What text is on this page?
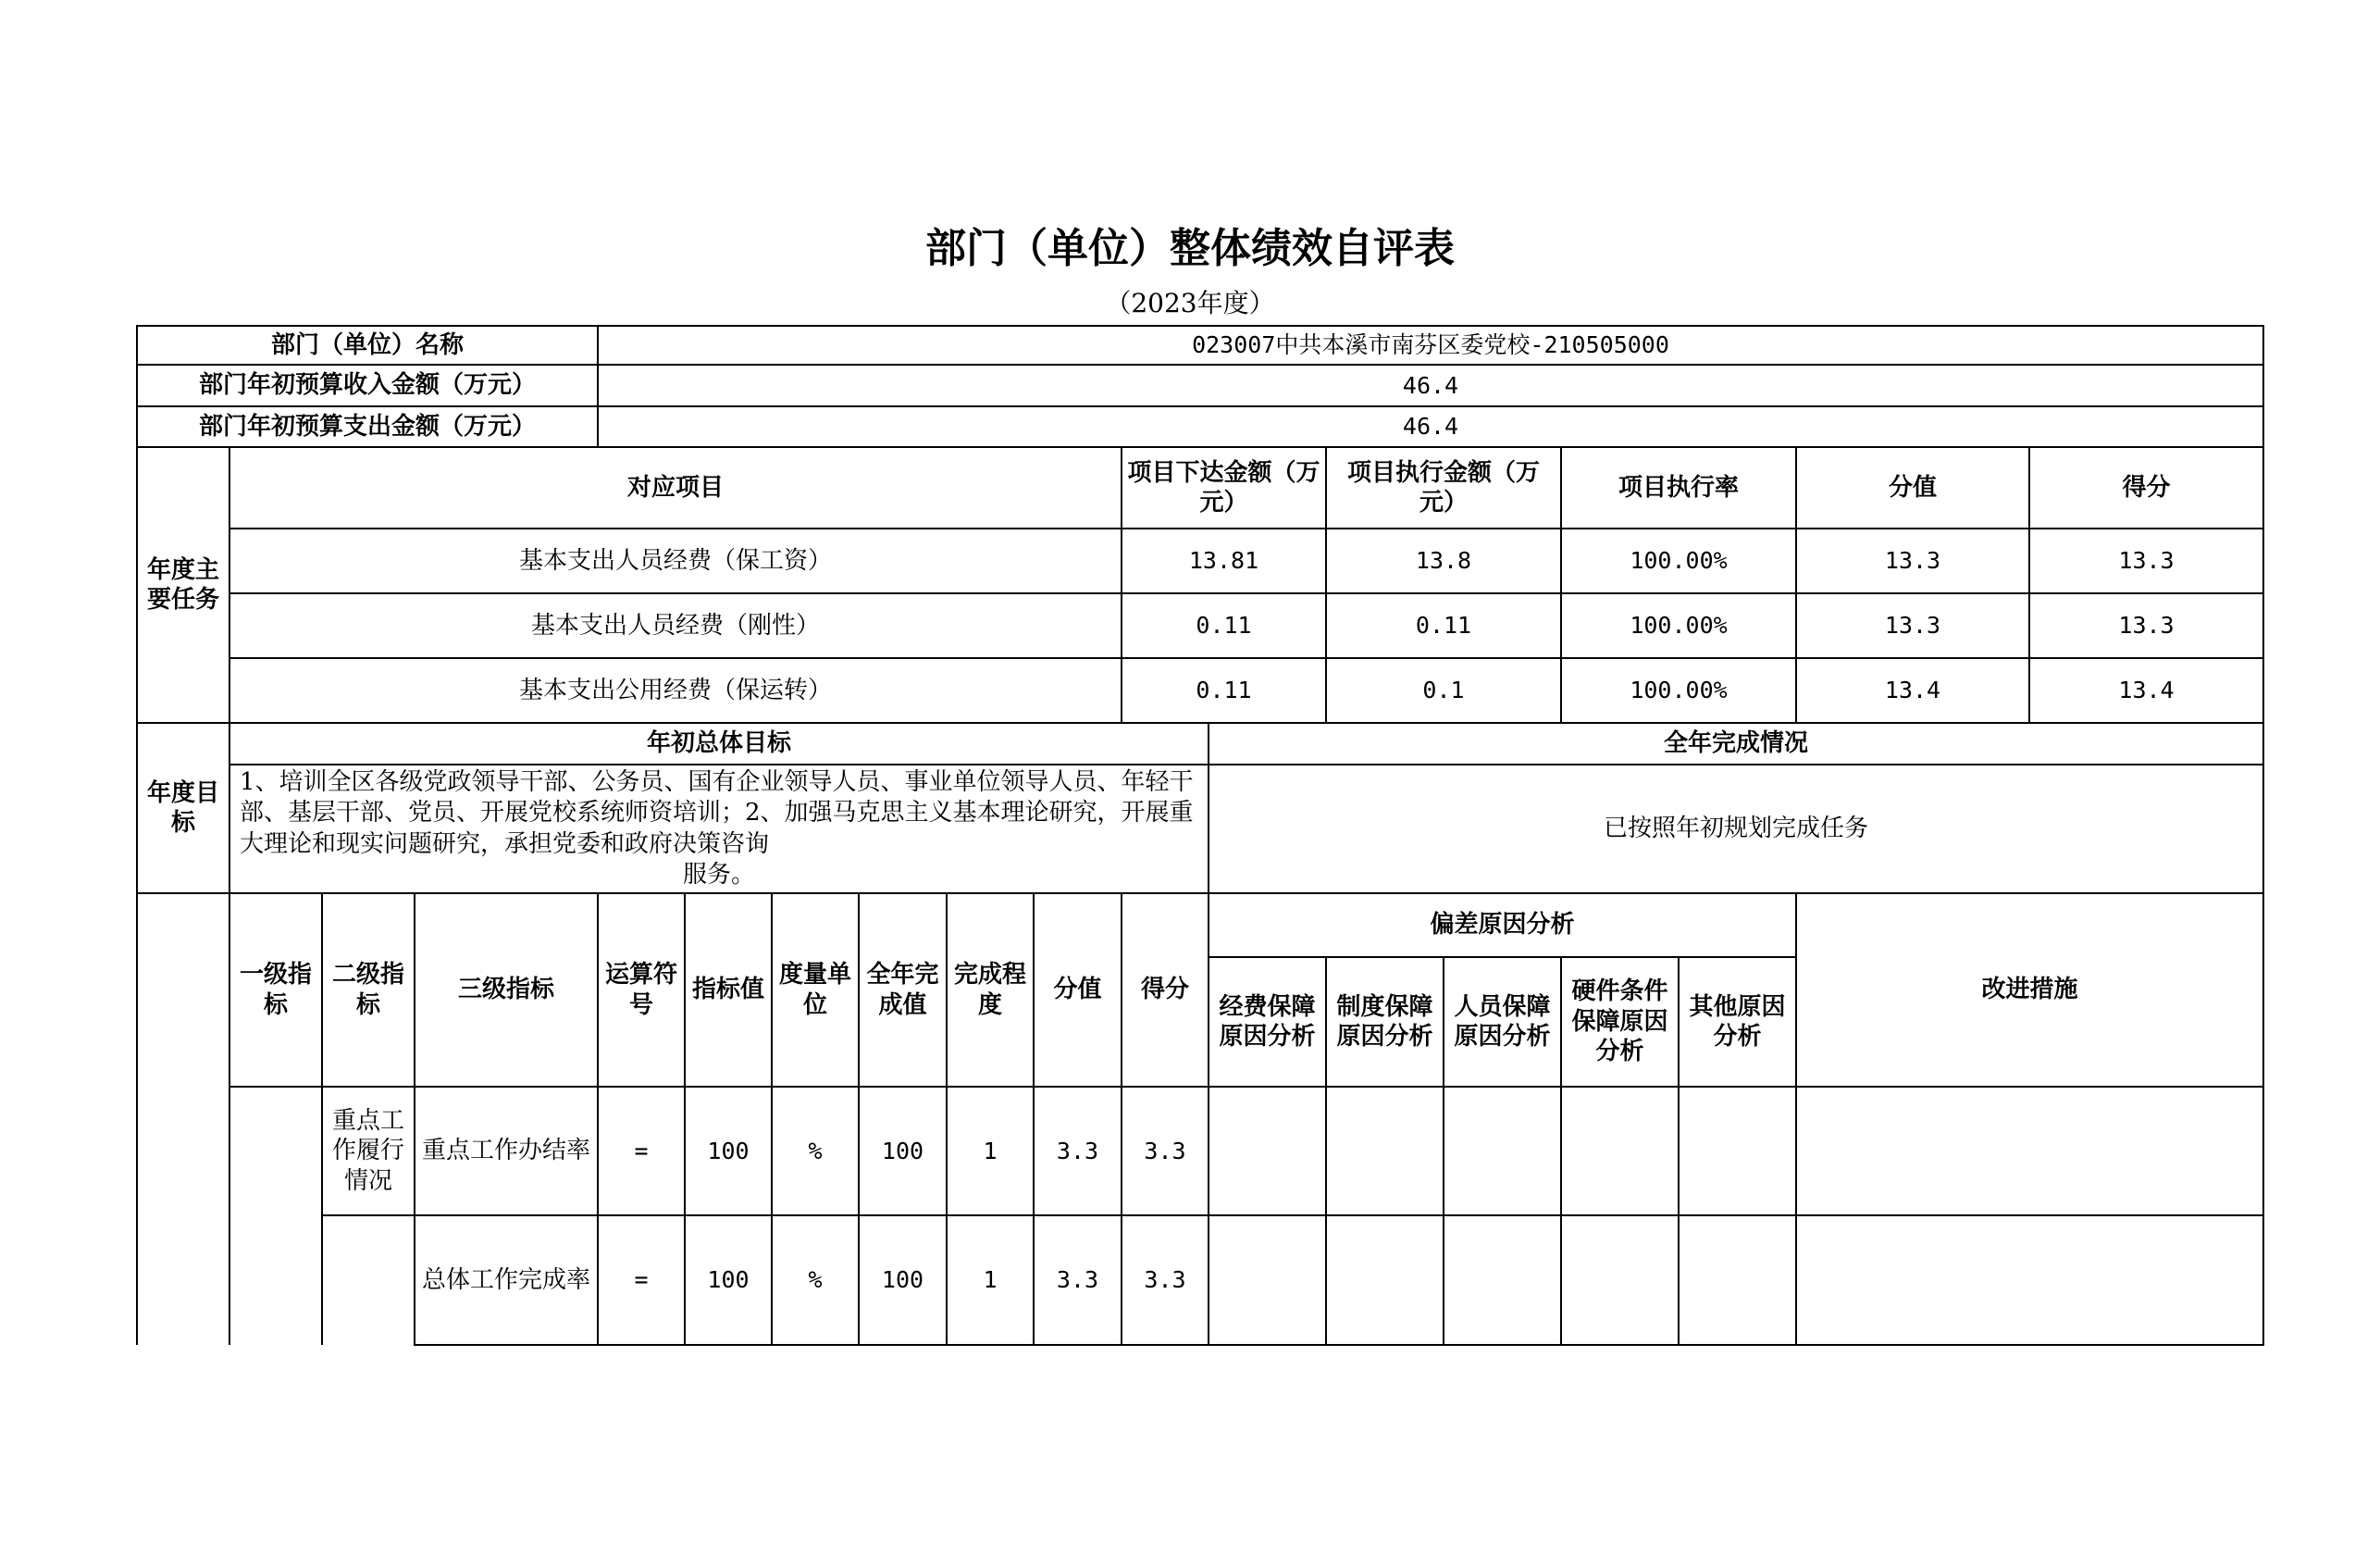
部门（单位）整体绩效自评表
（2023年度）
部门（单位）名称				023007中共本溪市南芬区委党校-210505000													
部门年初预算收入金额（万元）				46.4													
部门年初预算支出金额（万元）				46.4													
年度主要任务	对应项目									项目下达金额（万元）		项目执行金额（万元）		项目执行率		分值	得分
	基本支出人员经费（保工资）									13.81		13.8		100.00%		13.3	13.3
	基本支出人员经费（刚性）									0.11		0.11		100.00%		13.3	13.3
	基本支出公用经费（保运转）									0.11		0.1		100.00%		13.4	13.4
年度目标	年初总体目标										全年完成情况						
	1、培训全区各级党政领导干部、公务员、国有企业领导人员、事业单位领导人员、年轻干部、基层干部、党员、开展党校系统师资培训；2、加强马克思主义基本理论研究，开展重大理论和现实问题研究，承担党委和政府决策咨询
服务。										已按照年初规划完成任务						
	一级指标	二级指标	三级指标	运算符号	指标值	度量单位	全年完成值	完成程度	分值	得分	偏差原因分析					改进措施	
											经费保障原因分析	制度保障原因分析	人员保障原因分析	硬件条件保障原因分析	其他原因分析		
		重点工作履行情况	重点工作办结率	=	100	%	100	1	3.3	3.3							
			总体工作完成率	=	100	%	100	1	3.3	3.3							
